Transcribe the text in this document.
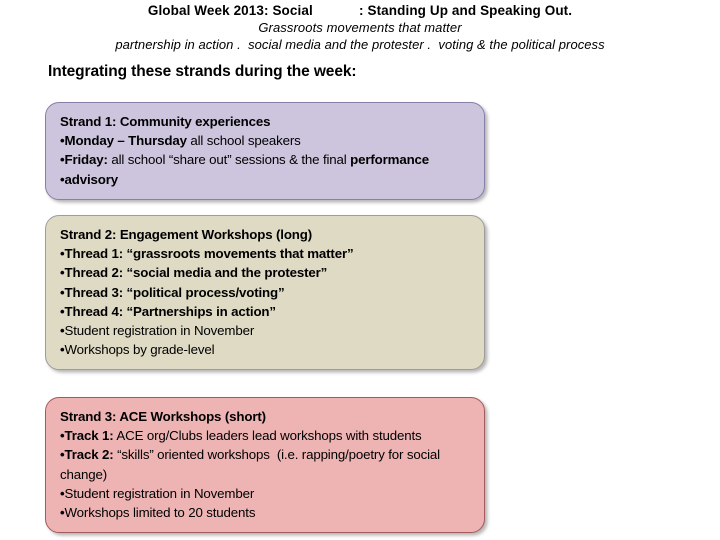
Global Week 2013: Social            : Standing Up and Speaking Out.
Grassroots movements that matter
partnership in action .  social media and the protester .  voting & the political process
Integrating these strands during the week:
Strand 1: Community experiences
•Monday – Thursday all school speakers
•Friday: all school “share out” sessions & the final performance
•advisory
Strand 2: Engagement Workshops (long)
•Thread 1: “grassroots movements that matter”
•Thread 2: “social media and the protester”
•Thread 3: “political process/voting”
•Thread 4: “Partnerships in action”
•Student registration in November
•Workshops by grade-level
Strand 3: ACE Workshops (short)
•Track 1: ACE org/Clubs leaders lead workshops with students
•Track 2: “skills” oriented workshops  (i.e. rapping/poetry for social change)
•Student registration in November
•Workshops limited to 20 students
